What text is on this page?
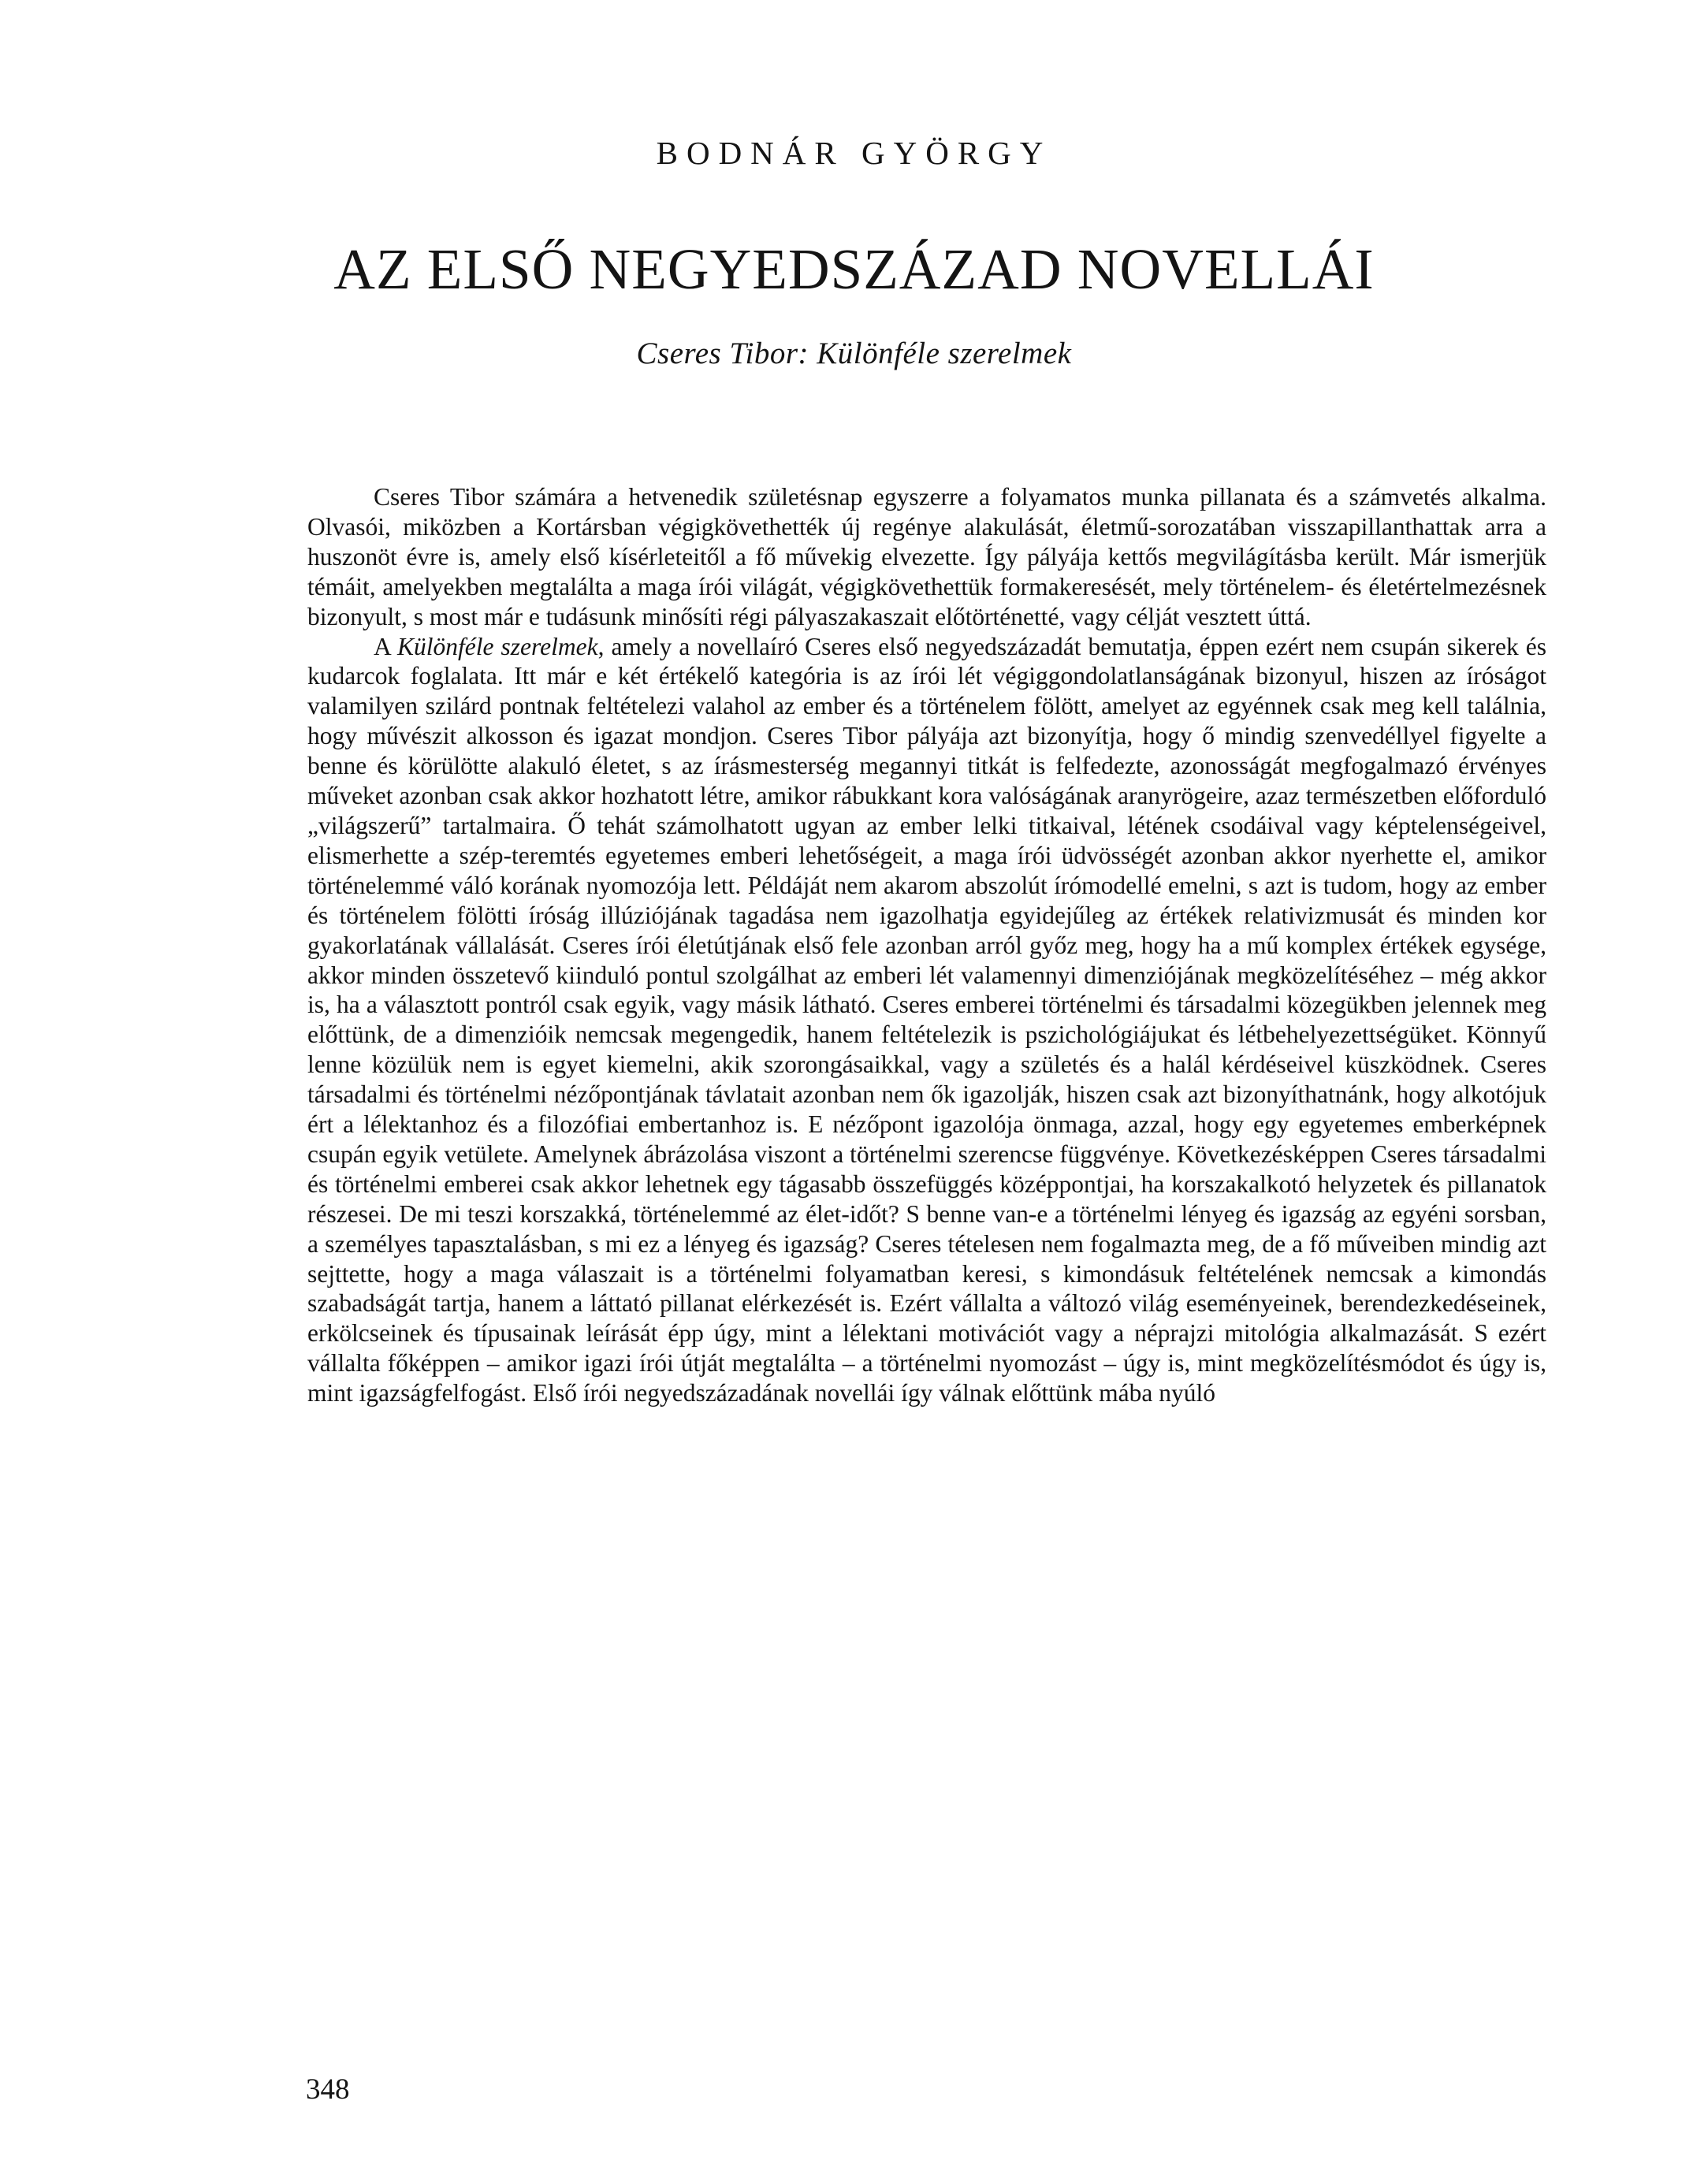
BODNÁR GYÖRGY
AZ ELSŐ NEGYEDSZÁZAD NOVELLÁI
Cseres Tibor: Különféle szerelmek

Cseres Tibor számára a hetvenedik születésnap egyszerre a folyamatos munka pillanata és a számvetés alkalma. Olvasói, miközben a Kortársban végigkövethették új regénye alakulását, életmű-sorozatában visszapillanthattak arra a huszonöt évre is, amely első kísérleteitől a fő művekig elvezette. Így pályája kettős megvilágításba került. Már ismerjük témáit, amelyekben megtalálta a maga írói világát, végigkövethettük formakeresését, mely történelem- és életértelmezésnek bizonyult, s most már e tudásunk minősíti régi pályaszakaszait előtörténetté, vagy célját vesztett úttá.

A Különféle szerelmek, amely a novellaíró Cseres első negyedszázadát bemutatja, éppen ezért nem csupán sikerek és kudarcok foglalata. Itt már e két értékelő kategória is az írói lét végiggondolatlanságának bizonyul, hiszen az íróságot valamilyen szilárd pontnak feltételezi valahol az ember és a történelem fölött, amelyet az egyénnek csak meg kell találnia, hogy művészit alkosson és igazat mondjon. Cseres Tibor pályája azt bizonyítja, hogy ő mindig szenvedéllyel figyelte a benne és körülötte alakuló életet, s az írásmesterség megannyi titkát is felfedezte, azonosságát megfogalmazó érvényes műveket azonban csak akkor hozhatott létre, amikor rábukkant kora valóságának aranyrögeire, azaz természetben előforduló „világszerű” tartalmaira. Ő tehát számolhatott ugyan az ember lelki titkaival, létének csodáival vagy képtelenségeivel, elismerhette a szép-teremtés egyetemes emberi lehetőségeit, a maga írói üdvösségét azonban akkor nyerhette el, amikor történelemmé váló korának nyomozója lett. Példáját nem akarom abszolút írómodellé emelni, s azt is tudom, hogy az ember és történelem fölötti íróság illúziójának tagadása nem igazolhatja egyidejűleg az értékek relativizmusát és minden kor gyakorlatának vállalását. Cseres írói életútjának első fele azonban arról győz meg, hogy ha a mű komplex értékek egysége, akkor minden összetevő kiinduló pontul szolgálhat az emberi lét valamennyi dimenziójának megközelítéséhez – még akkor is, ha a választott pontról csak egyik, vagy másik látható. Cseres emberei történelmi és társadalmi közegükben jelennek meg előttünk, de a dimenzióik nemcsak megengedik, hanem feltételezik is pszichológiájukat és létbehelyezettségüket. Könnyű lenne közülük nem is egyet kiemelni, akik szorongásaikkal, vagy a születés és a halál kérdéseivel küszködnek. Cseres társadalmi és történelmi nézőpontjának távlatait azonban nem ők igazolják, hiszen csak azt bizonyíthatnánk, hogy alkotójuk ért a lélektanhoz és a filozófiai embertanhoz is. E nézőpont igazolója önmaga, azzal, hogy egy egyetemes emberképnek csupán egyik vetülete. Amelynek ábrázolása viszont a történelmi szerencse függvénye. Következésképpen Cseres társadalmi és történelmi emberei csak akkor lehetnek egy tágasabb összefüggés középpontjai, ha korszakalkotó helyzetek és pillanatok részesei. De mi teszi korszakká, történelemmé az élet-időt? S benne van-e a történelmi lényeg és igazság az egyéni sorsban, a személyes tapasztalásban, s mi ez a lényeg és igazság? Cseres tételesen nem fogalmazta meg, de a fő műveiben mindig azt sejttette, hogy a maga válaszait is a történelmi folyamatban keresi, s kimondásuk feltételének nemcsak a kimondás szabadságát tartja, hanem a láttató pillanat elérkezését is. Ezért vállalta a változó világ eseményeinek, berendezkedéseinek, erkölcseinek és típusainak leírását épp úgy, mint a lélektani motivációt vagy a néprajzi mitológia alkalmazását. S ezért vállalta főképpen – amikor igazi írói útját megtalálta – a történelmi nyomozást – úgy is, mint megközelítésmódot és úgy is, mint igazságfelfogást. Első írói negyedszázadának novellái így válnak előttünk mába nyúló

348
